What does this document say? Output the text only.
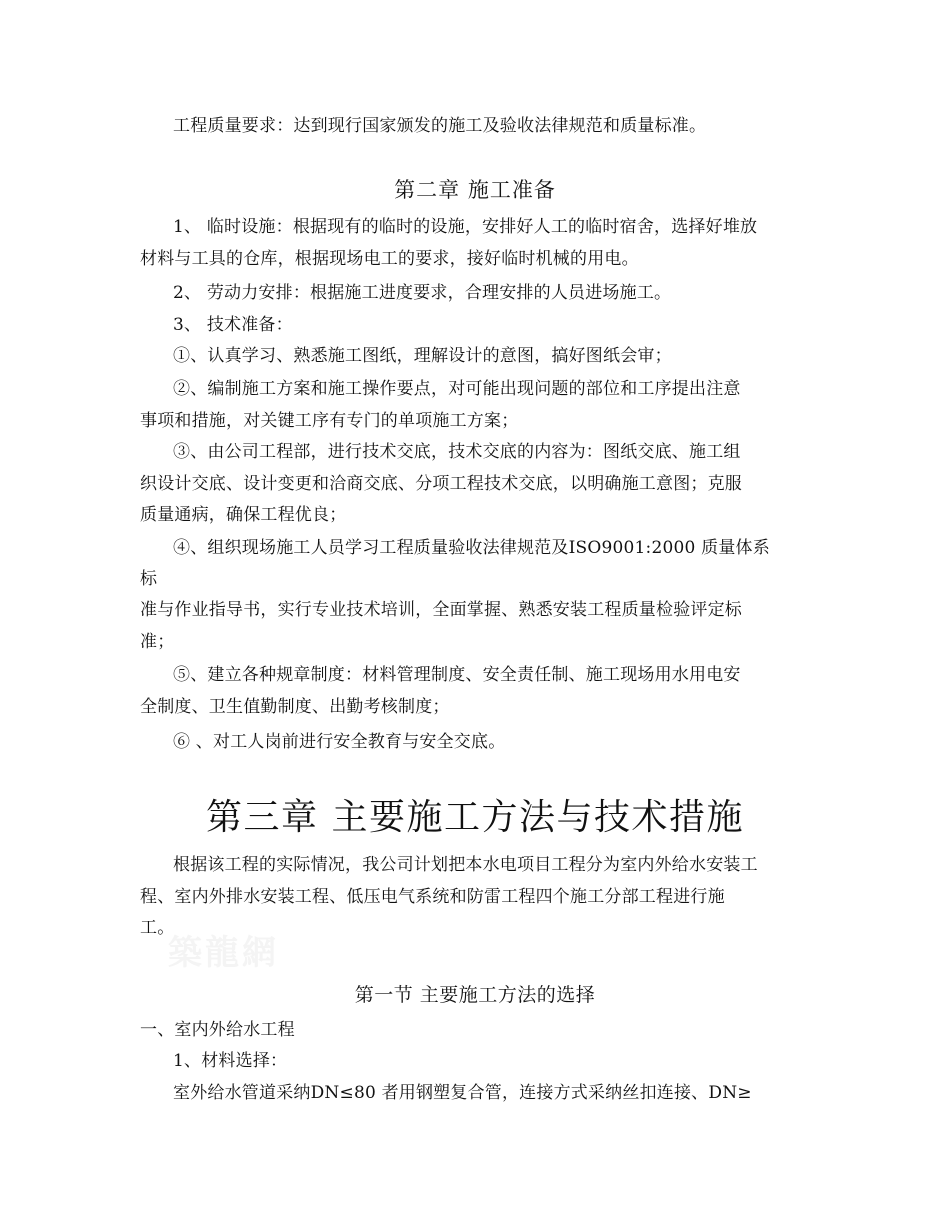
工程质量要求：达到现行国家颁发的施工及验收法律规范和质量标准。
第二章 施工准备
1、 临时设施：根据现有的临时的设施，安排好人工的临时宿舍，选择好堆放
材料与工具的仓库，根据现场电工的要求，接好临时机械的用电。
2、 劳动力安排：根据施工进度要求，合理安排的人员进场施工。
3、 技术准备：
①、认真学习、熟悉施工图纸，理解设计的意图，搞好图纸会审；
②、编制施工方案和施工操作要点，对可能出现问题的部位和工序提出注意
事项和措施，对关键工序有专门的单项施工方案；
③、由公司工程部，进行技术交底，技术交底的内容为：图纸交底、施工组
织设计交底、设计变更和洽商交底、分项工程技术交底，以明确施工意图；克服
质量通病，确保工程优良；
④、组织现场施工人员学习工程质量验收法律规范及ISO9001:2000 质量体系
标
准与作业指导书，实行专业技术培训，全面掌握、熟悉安装工程质量检验评定标
准；
⑤、建立各种规章制度：材料管理制度、安全责任制、施工现场用水用电安
全制度、卫生值勤制度、出勤考核制度；
⑥ 、对工人岗前进行安全教育与安全交底。
第三章 主要施工方法与技术措施
根据该工程的实际情况，我公司计划把本水电项目工程分为室内外给水安装工
程、室内外排水安装工程、低压电气系统和防雷工程四个施工分部工程进行施
工。
築龍網
第一节 主要施工方法的选择
一、室内外给水工程
1、材料选择：
室外给水管道采纳DN≤80 者用钢塑复合管，连接方式采纳丝扣连接、DN≥
